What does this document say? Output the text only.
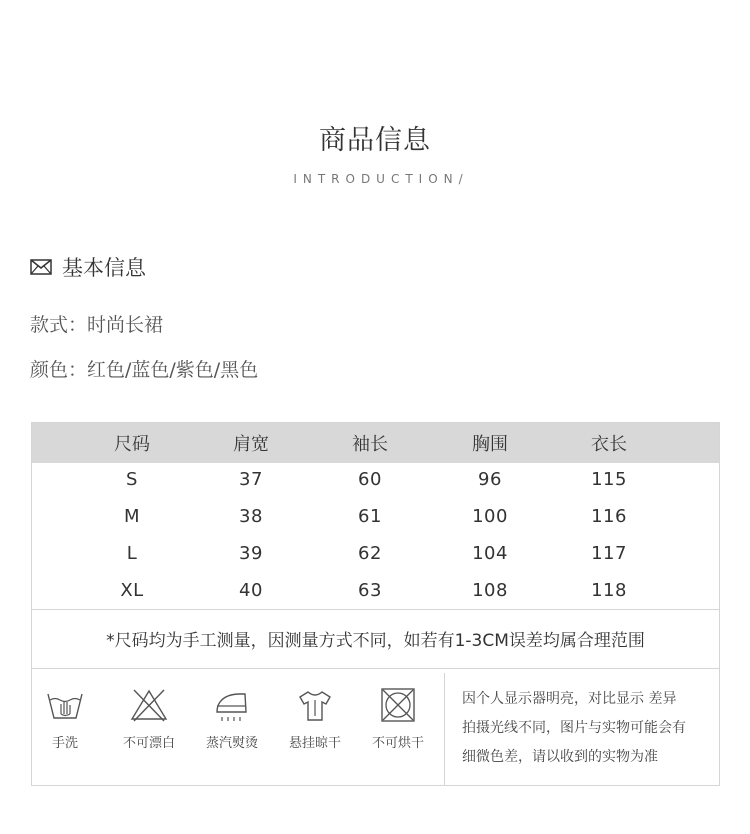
商品信息
INTRODUCTION/
基本信息
款式：时尚长裙
颜色：红色/蓝色/紫色/黑色
尺码	肩宽	袖长	胸围	衣长
S	37	60	96	115
M	38	61	100	116
L	39	62	104	117
XL	40	63	108	118
*尺码均为手工测量，因测量方式不同，如若有1-3CM误差均属合理范围
手洗	不可漂白	蒸汽熨烫	悬挂晾干	不可烘干
因个人显示器明亮，对比显示 差异
拍摄光线不同，图片与实物可能会有
细微色差，请以收到的实物为准
